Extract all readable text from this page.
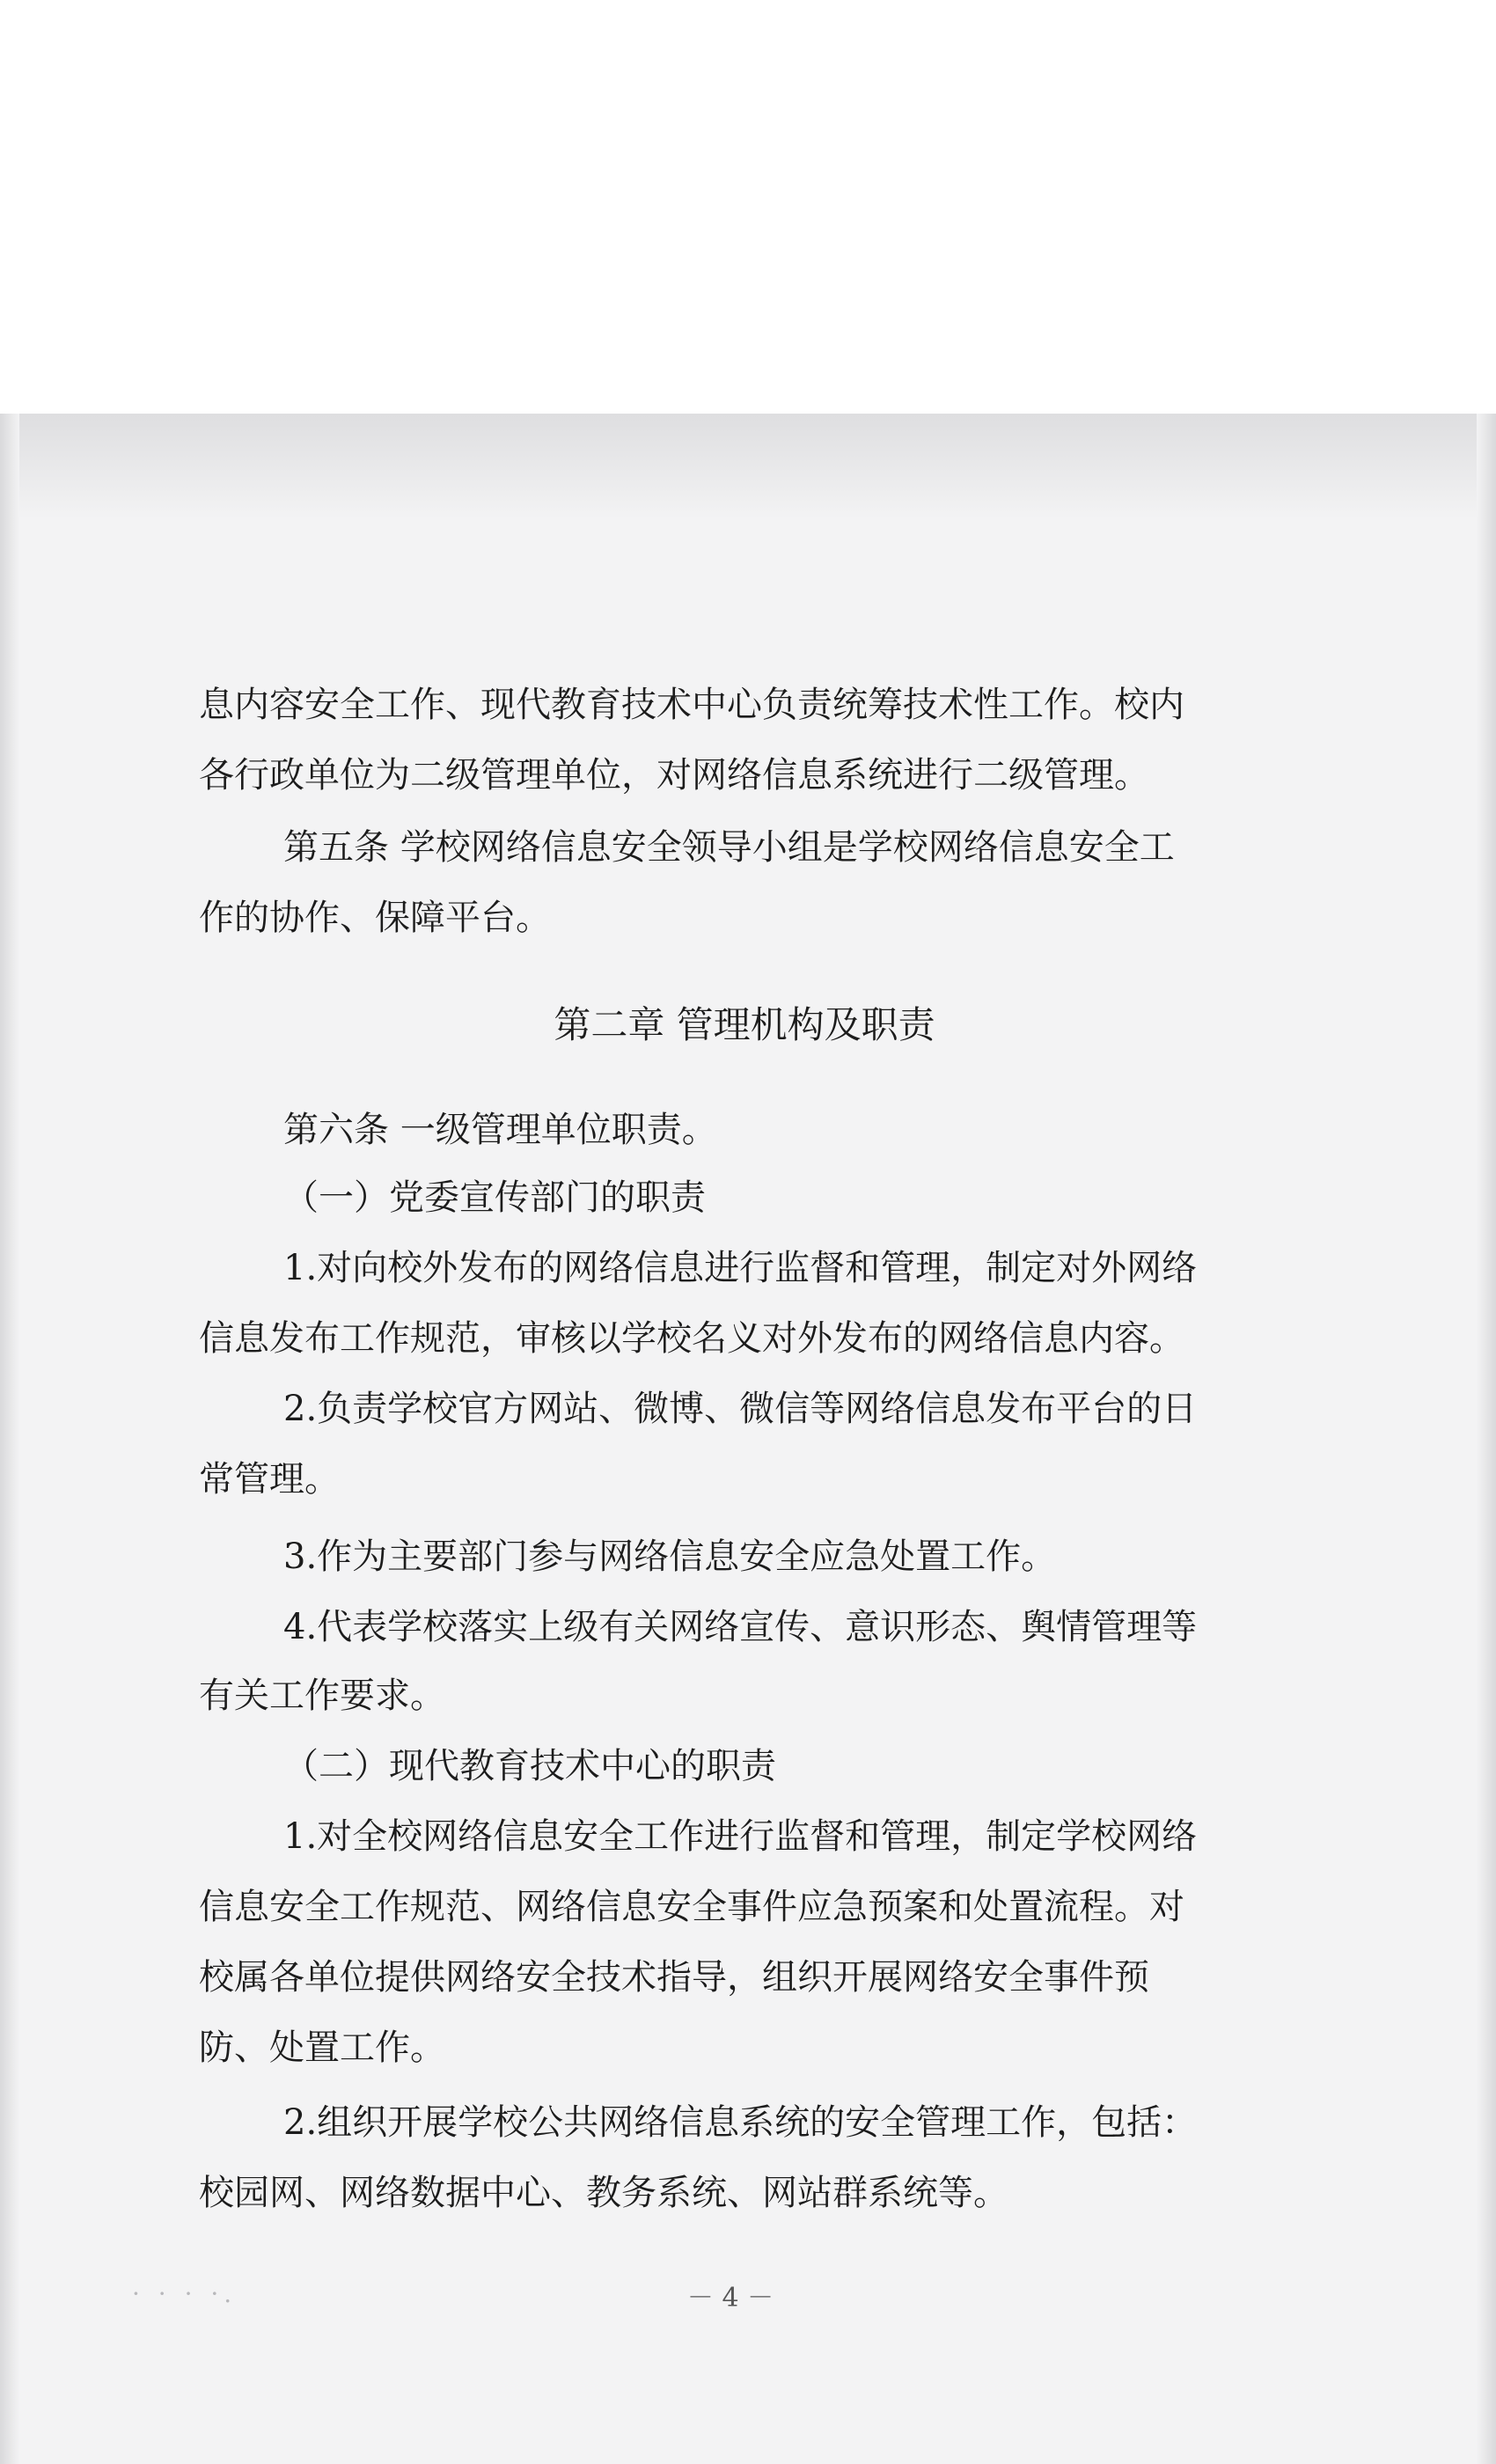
· · · ·.
息内容安全工作、现代教育技术中心负责统筹技术性工作。校内
各行政单位为二级管理单位，对网络信息系统进行二级管理。
第五条 学校网络信息安全领导小组是学校网络信息安全工
作的协作、保障平台。
第二章 管理机构及职责
第六条 一级管理单位职责。
（一）党委宣传部门的职责
1.对向校外发布的网络信息进行监督和管理，制定对外网络
信息发布工作规范，审核以学校名义对外发布的网络信息内容。
2.负责学校官方网站、微博、微信等网络信息发布平台的日
常管理。
3.作为主要部门参与网络信息安全应急处置工作。
4.代表学校落实上级有关网络宣传、意识形态、舆情管理等
有关工作要求。
（二）现代教育技术中心的职责
1.对全校网络信息安全工作进行监督和管理，制定学校网络
信息安全工作规范、网络信息安全事件应急预案和处置流程。对
校属各单位提供网络安全技术指导，组织开展网络安全事件预
防、处置工作。
2.组织开展学校公共网络信息系统的安全管理工作，包括：
校园网、网络数据中心、教务系统、网站群系统等。
－ 4 －
